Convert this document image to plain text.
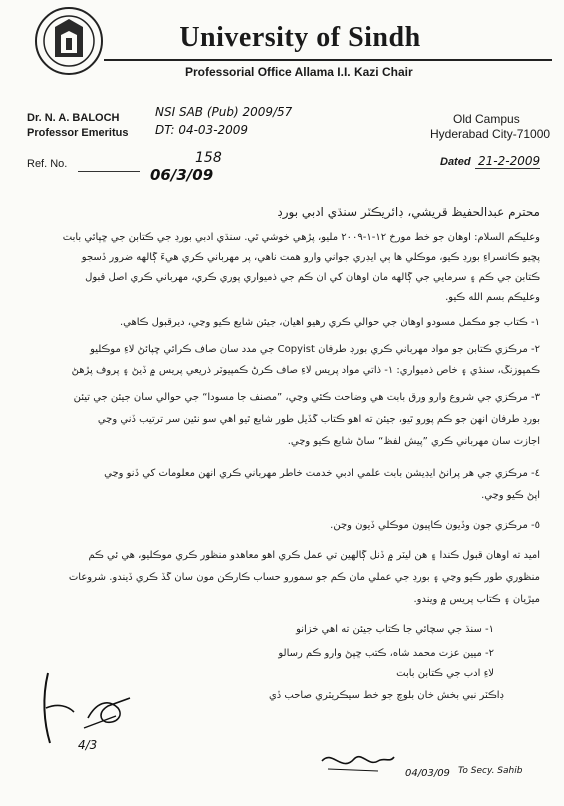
University of Sindh
Professorial Office Allama I.I. Kazi Chair
Dr. N. A. BALOCH
Professor Emeritus
NSI SAB (Pub) 2009/57
DT: 04-03-2009
Old Campus
Hyderabad City-71000
Ref. No.	158
06/3/09
Dated 21-2-2009
محترم عبدالحفيظ قريشي، ڊائريڪٽر سنڌي ادبي بورڊ
وعليڪم السلام: اوهان جو خط مورخ ١٢-١-٢٠٠٩ مليو، پڙهي خوشي ٿي. سنڌي ادبي بورڊ جي ڪتابن جي ڇپائي بابت
پڇيو ڪانسراءِ بورڊ ڪيو، موڪلي ها ٻي ايڊري جواني وارو همت ناهي، پر مهرباني ڪري هيءَ ڳالهه ضرور ڏسجو
ڪتابن جي ڪم ۽ سرمايي جي ڳالهه مان اوهان کي ان ڪم جي ذميواري پوري ڪري، مهرباني ڪري اصل قبول
وعليڪم بسم الله ڪيو.
١- ڪتاب جو مڪمل مسودو اوهان جي حوالي ڪري رهيو آهيان، جيئن شايع ڪيو وڃي، ديرقبول ڪاهي.
٢- مرڪزي ڪتابن جو مواد مهرباني ڪري بورڊ طرفان Copyist جي مدد سان صاف ڪرائي ڇپائڻ لاءِ موڪليو
ڪمپوزنگ، سنڌي ۽ خاص ذميواري: ١- ذاتي مواد پريس لاءِ صاف ڪرڻ ڪمپيوٽر ذريعي پريس ۾ ڏيڻ ۽ پروف پڙهڻ
٣- مرڪزي جي شروع وارو ورق بابت هي وضاحت ڪئي وڃي، ”مصنف جا مسودا“ جي حوالي سان جيئن جي تيئن
بورڊ طرفان انهن جو ڪم پورو ٿيو، جيئن ته اهو ڪتاب گڏيل طور شايع ٿيو آهي سو نئين سر ترتيب ڏني وڃي
اجازت سان مهرباني ڪري ”پيش لفظ“ ساڻ شايع ڪيو وڃي.
٤- مرڪزي جي هر پرانڻ ايڊيشن بابت علمي ادبي خدمت خاطر مهرباني ڪري انهن معلومات کي ڏنو وڃي
اپڻ ڪيو وڃي.
٥- مرڪزي جون وڏيون ڪاپيون موڪلي ڏيون وڃن.
اميد ته اوهان قبول ڪندا ۽ هن ليٽر ۾ ڏنل ڳالهين تي عمل ڪري اهو معاهدو منظور ڪري موڪليو، هي ئي ڪم
منظوري طور ڪيو وڃي ۽ بورڊ جي عملي مان ڪم جو سمورو حساب ڪارڪن مون سان گڏ ڪري ڏيندو. شروعات
ميڙيان ۽ ڪتاب پريس ۾ ويندو.
١- سنڌ جي سچائي جا ڪتاب جيئن ته اهي خزانو
٢- ميين عزت محمد شاه، ڪتب ڇپڻ وارو ڪم رسالو
لاءِ ادب جي ڪتابن بابت
ڊاڪٽر نبي بخش خان بلوچ جو خط سيڪريٽري صاحب ڏي
4/3
04/03/09 To Secy. Sahib
